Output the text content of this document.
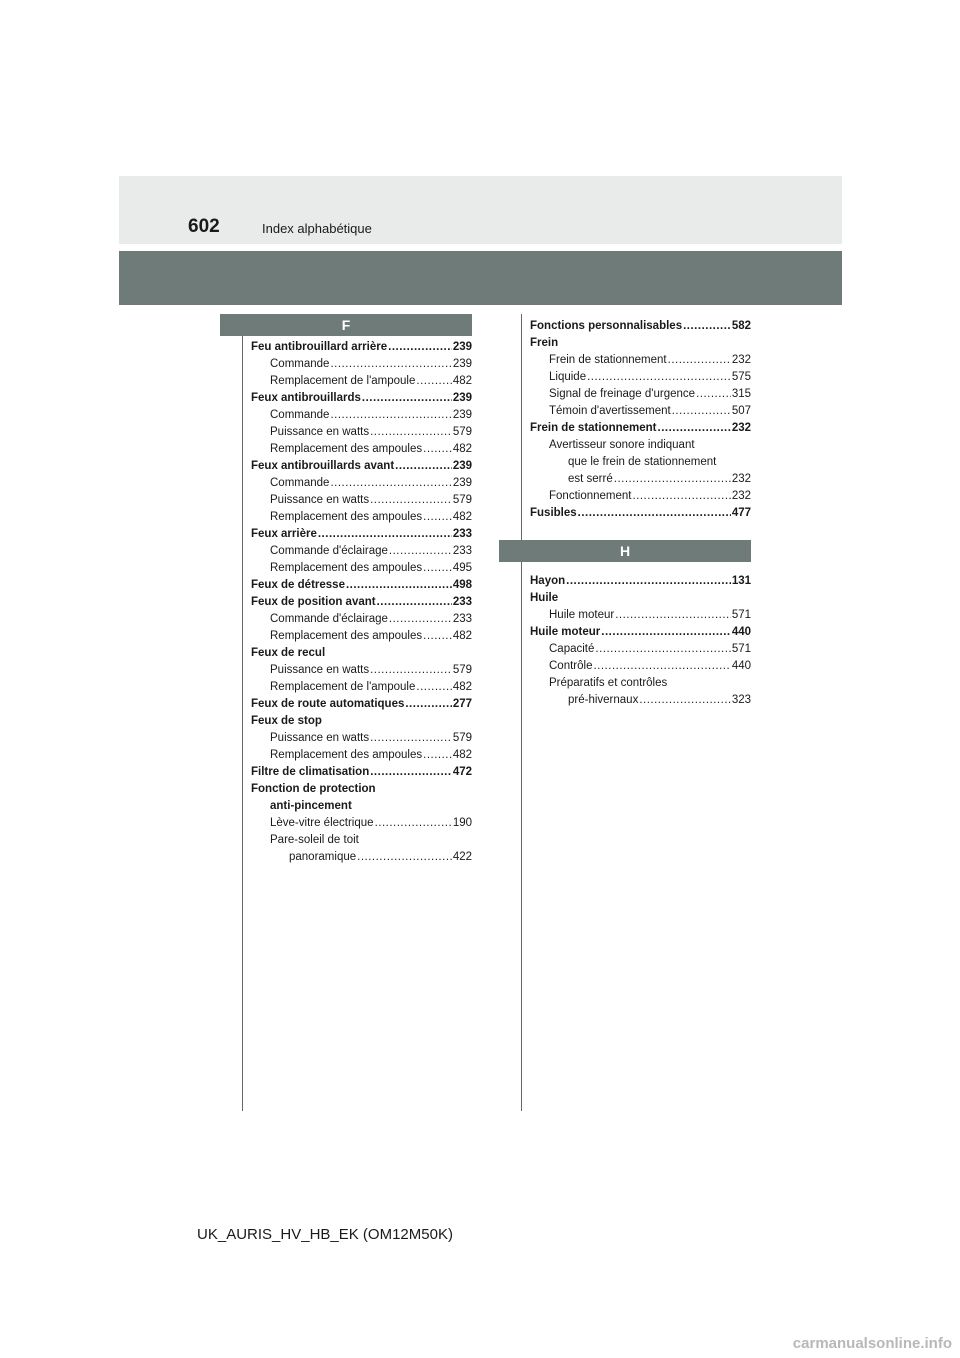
602	Index alphabétique
F
Feu antibrouillard arrière .....	239
Commande .....	239
Remplacement de l'ampoule .....	482
Feux antibrouillards .....	239
Commande .....	239
Puissance en watts .....	579
Remplacement des ampoules .....	482
Feux antibrouillards avant .....	239
Commande .....	239
Puissance en watts .....	579
Remplacement des ampoules .....	482
Feux arrière .....	233
Commande d'éclairage .....	233
Remplacement des ampoules .....	495
Feux de détresse .....	498
Feux de position avant .....	233
Commande d'éclairage .....	233
Remplacement des ampoules .....	482
Feux de recul
Puissance en watts .....	579
Remplacement de l'ampoule .....	482
Feux de route automatiques .....	277
Feux de stop
Puissance en watts .....	579
Remplacement des ampoules .....	482
Filtre de climatisation .....	472
Fonction de protection
anti-pincement
Lève-vitre électrique .....	190
Pare-soleil de toit
panoramique .....	422
Fonctions personnalisables .....	582
Frein
Frein de stationnement .....	232
Liquide .....	575
Signal de freinage d'urgence .....	315
Témoin d'avertissement .....	507
Frein de stationnement .....	232
Avertisseur sonore indiquant
que le frein de stationnement
est serré .....	232
Fonctionnement .....	232
Fusibles .....	477
H
Hayon .....	131
Huile
Huile moteur .....	571
Huile moteur .....	440
Capacité .....	571
Contrôle .....	440
Préparatifs et contrôles
pré-hivernaux .....	323
UK_AURIS_HV_HB_EK (OM12M50K)
carmanualsonline.info
